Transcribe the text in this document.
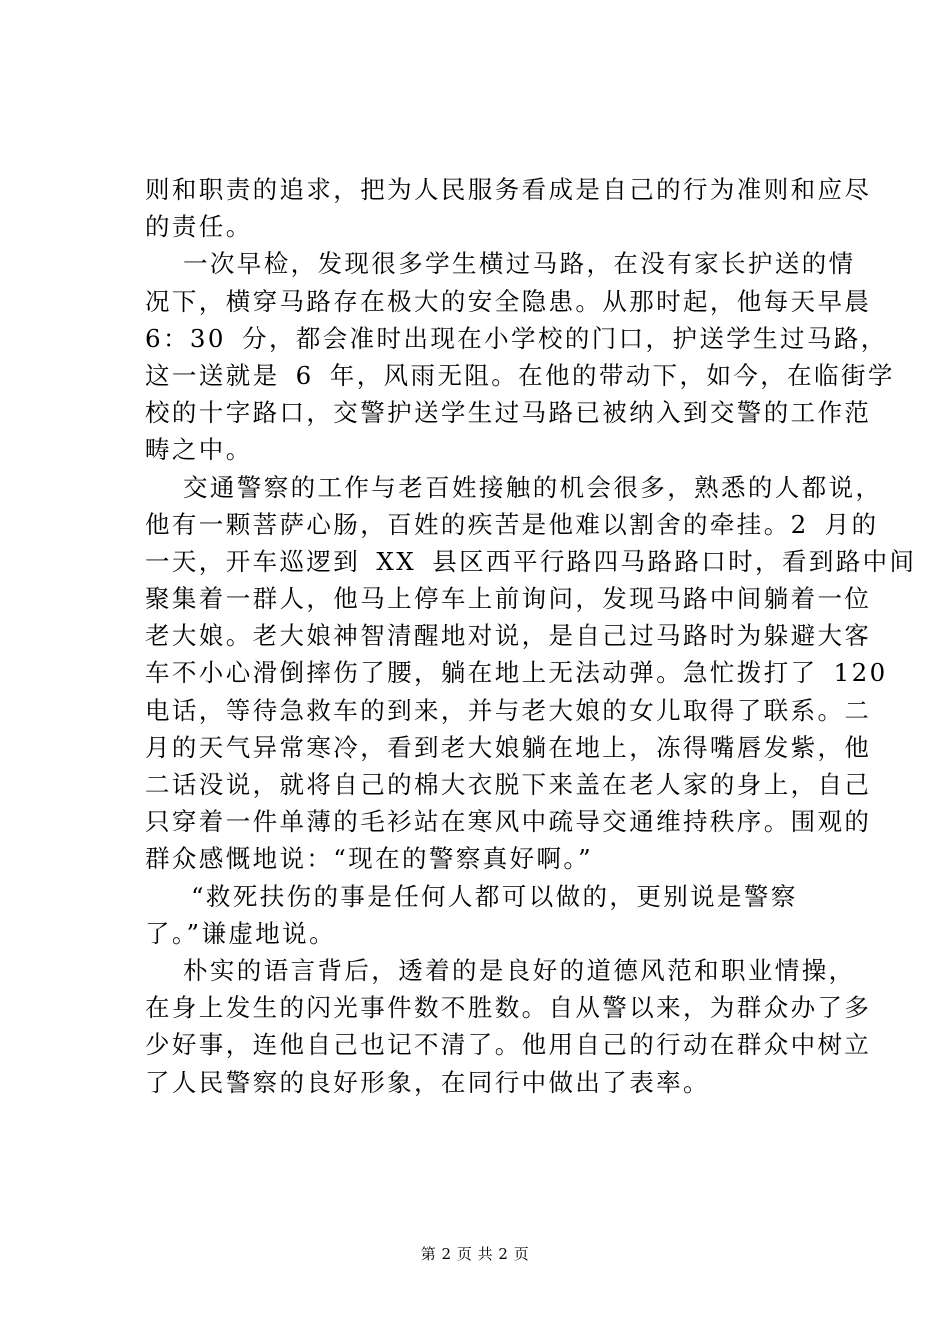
则和职责的追求，把为人民服务看成是自己的行为准则和应尽
的责任。
一次早检，发现很多学生横过马路，在没有家长护送的情
况下，横穿马路存在极大的安全隐患。从那时起，他每天早晨
6：30 分，都会准时出现在小学校的门口，护送学生过马路，
这一送就是 6 年，风雨无阻。在他的带动下，如今，在临街学
校的十字路口，交警护送学生过马路已被纳入到交警的工作范
畴之中。
交通警察的工作与老百姓接触的机会很多，熟悉的人都说，
他有一颗菩萨心肠，百姓的疾苦是他难以割舍的牵挂。2 月的
一天，开车巡逻到 XX 县区西平行路四马路路口时，看到路中间
聚集着一群人，他马上停车上前询问，发现马路中间躺着一位
老大娘。老大娘神智清醒地对说，是自己过马路时为躲避大客
车不小心滑倒摔伤了腰，躺在地上无法动弹。急忙拨打了 120
电话，等待急救车的到来，并与老大娘的女儿取得了联系。二
月的天气异常寒冷，看到老大娘躺在地上，冻得嘴唇发紫，他
二话没说，就将自己的棉大衣脱下来盖在老人家的身上，自己
只穿着一件单薄的毛衫站在寒风中疏导交通维持秩序。围观的
群众感慨地说：“现在的警察真好啊。”
“救死扶伤的事是任何人都可以做的，更别说是警察
了。”谦虚地说。
朴实的语言背后，透着的是良好的道德风范和职业情操，
在身上发生的闪光事件数不胜数。自从警以来，为群众办了多
少好事，连他自己也记不清了。他用自己的行动在群众中树立
了人民警察的良好形象，在同行中做出了表率。
第 2 页 共 2 页
